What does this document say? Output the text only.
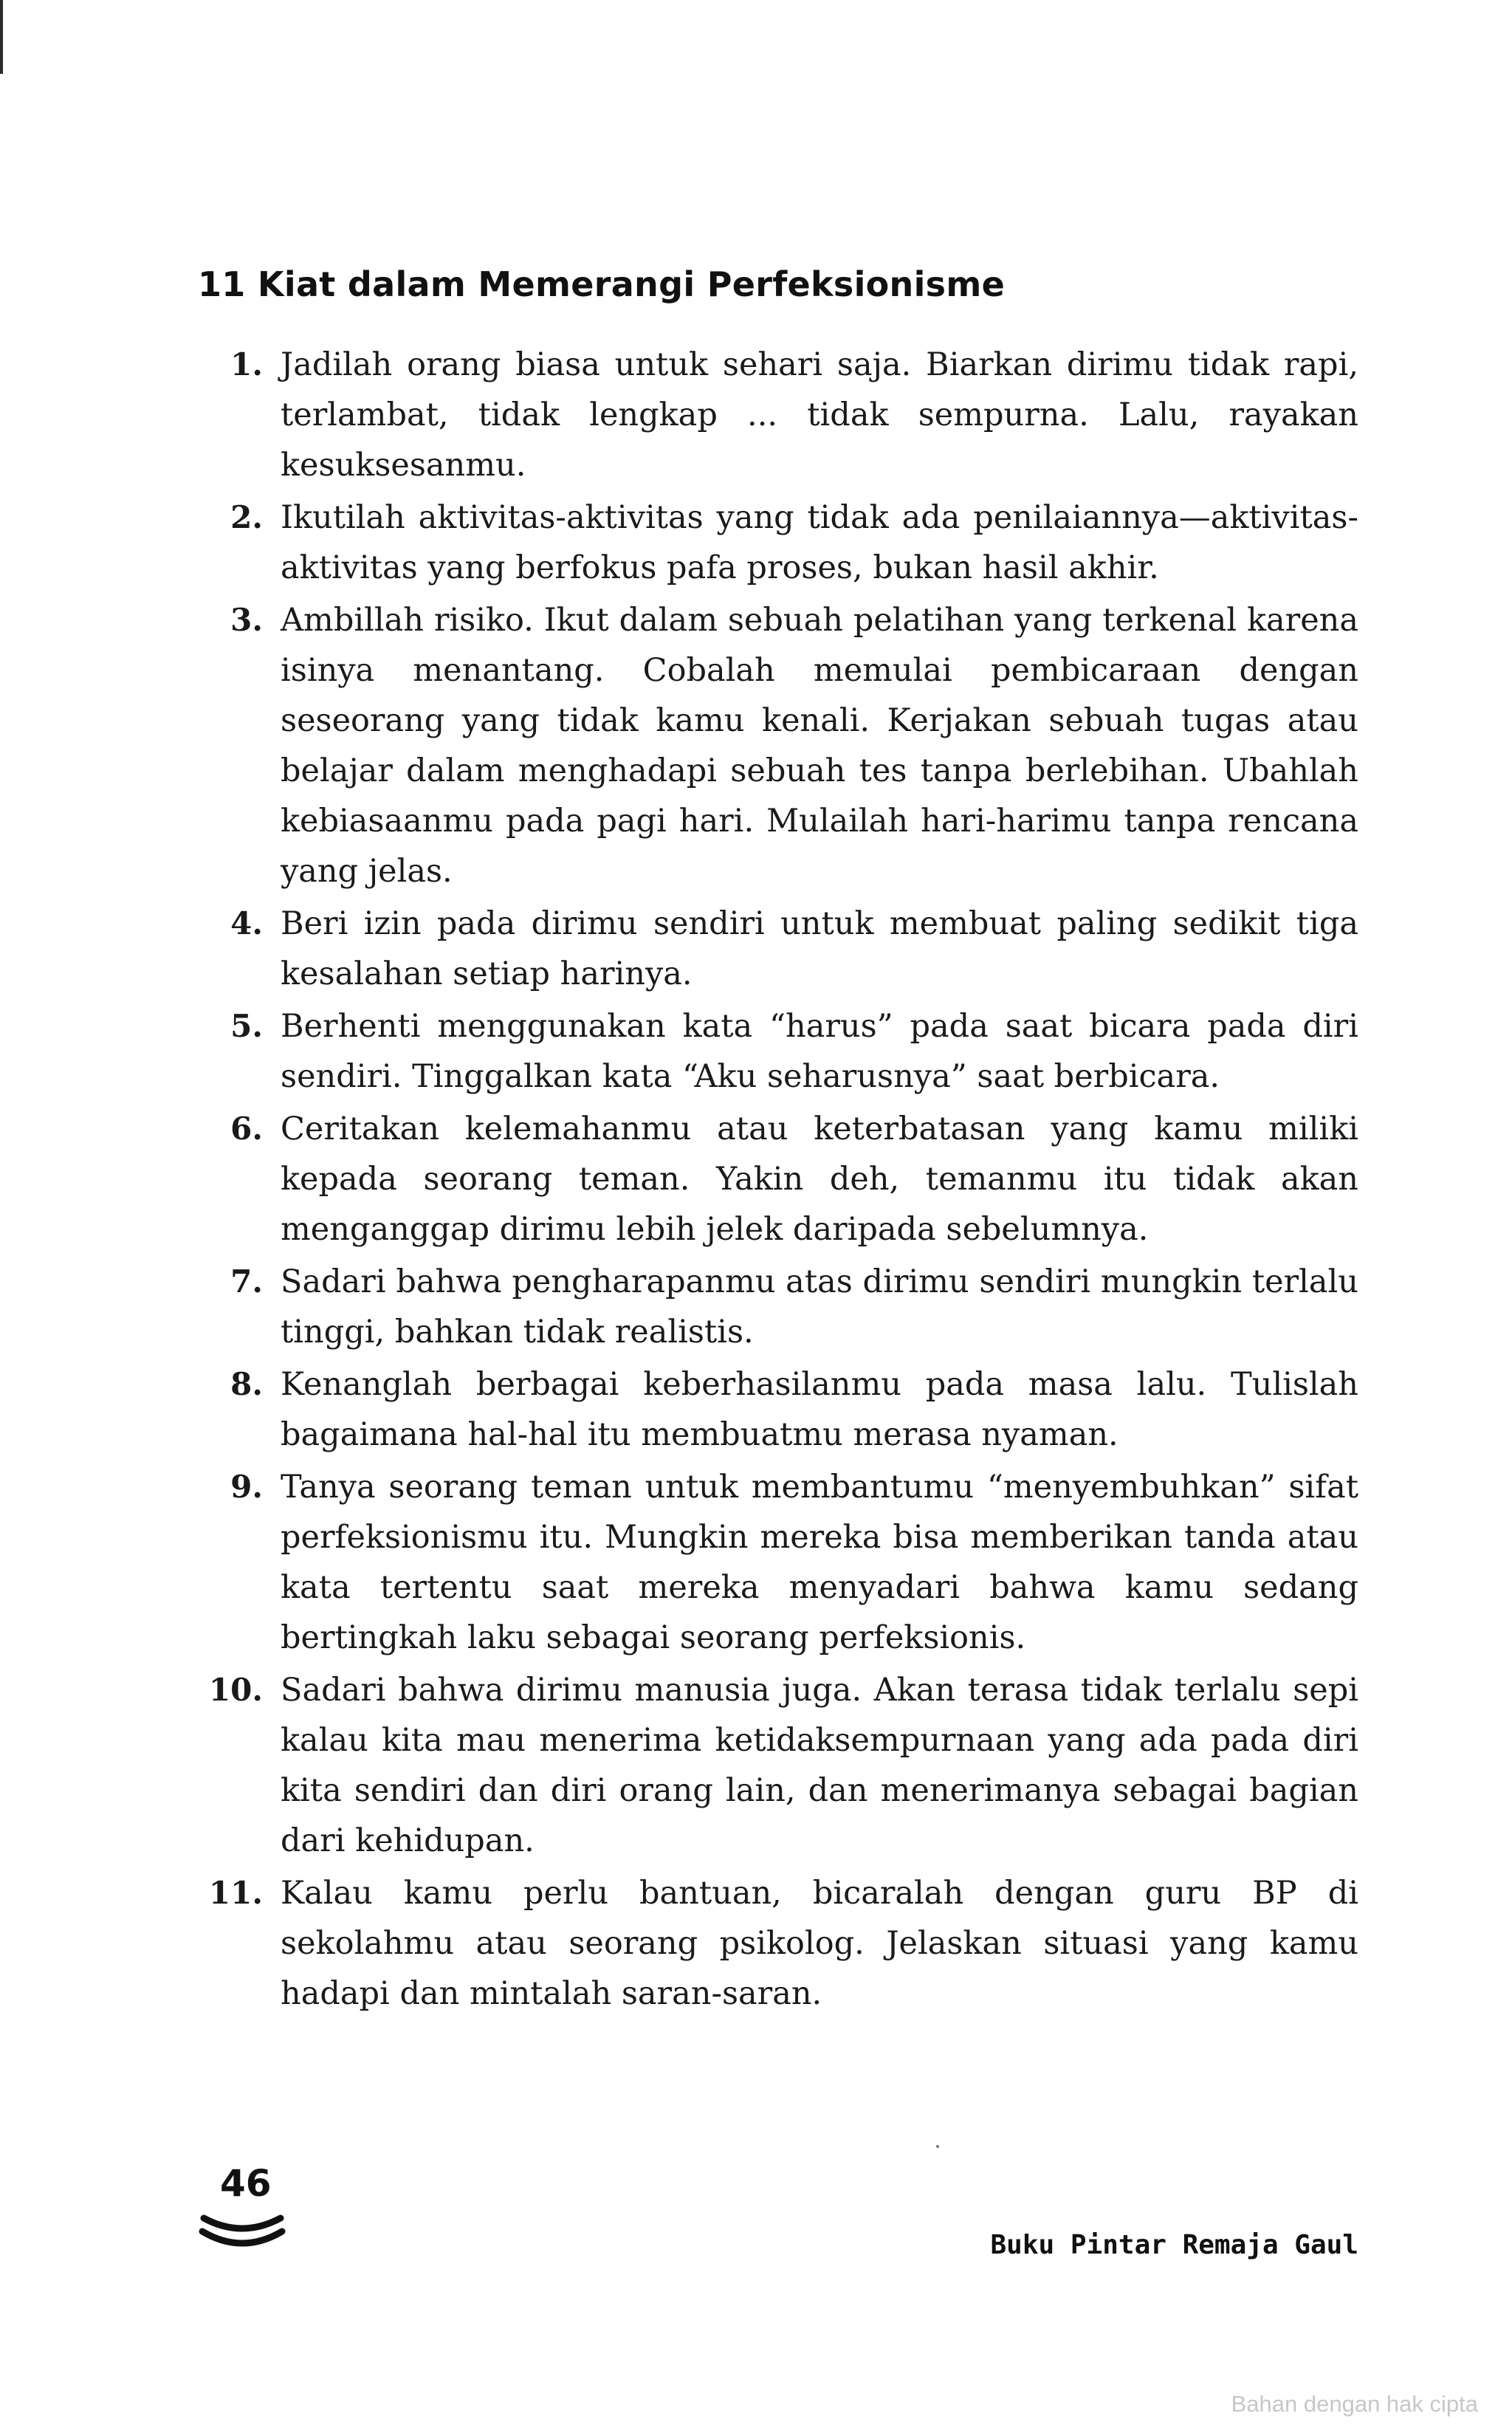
11 Kiat dalam Memerangi Perfeksionisme
1. Jadilah orang biasa untuk sehari saja. Biarkan dirimu tidak rapi, terlambat, tidak lengkap ... tidak sempurna. Lalu, rayakan kesuksesanmu.
2. Ikutilah aktivitas-aktivitas yang tidak ada penilaiannya—aktivitas-aktivitas yang berfokus pafa proses, bukan hasil akhir.
3. Ambillah risiko. Ikut dalam sebuah pelatihan yang terkenal karena isinya menantang. Cobalah memulai pembicaraan dengan seseorang yang tidak kamu kenali. Kerjakan sebuah tugas atau belajar dalam menghadapi sebuah tes tanpa berlebihan. Ubahlah kebiasaanmu pada pagi hari. Mulailah hari-harimu tanpa rencana yang jelas.
4. Beri izin pada dirimu sendiri untuk membuat paling sedikit tiga kesalahan setiap harinya.
5. Berhenti menggunakan kata “harus” pada saat bicara pada diri sendiri. Tinggalkan kata “Aku seharusnya” saat berbicara.
6. Ceritakan kelemahanmu atau keterbatasan yang kamu miliki kepada seorang teman. Yakin deh, temanmu itu tidak akan menganggap dirimu lebih jelek daripada sebelumnya.
7. Sadari bahwa pengharapanmu atas dirimu sendiri mungkin terlalu tinggi, bahkan tidak realistis.
8. Kenanglah berbagai keberhasilanmu pada masa lalu. Tulislah bagaimana hal-hal itu membuatmu merasa nyaman.
9. Tanya seorang teman untuk membantumu “menyembuhkan” sifat perfeksionismu itu. Mungkin mereka bisa memberikan tanda atau kata tertentu saat mereka menyadari bahwa kamu sedang bertingkah laku sebagai seorang perfeksionis.
10. Sadari bahwa dirimu manusia juga. Akan terasa tidak terlalu sepi kalau kita mau menerima ketidaksempurnaan yang ada pada diri kita sendiri dan diri orang lain, dan menerimanya sebagai bagian dari kehidupan.
11. Kalau kamu perlu bantuan, bicaralah dengan guru BP di sekolahmu atau seorang psikolog. Jelaskan situasi yang kamu hadapi dan mintalah saran-saran.
46
Buku Pintar Remaja Gaul
Bahan dengan hak cipta
